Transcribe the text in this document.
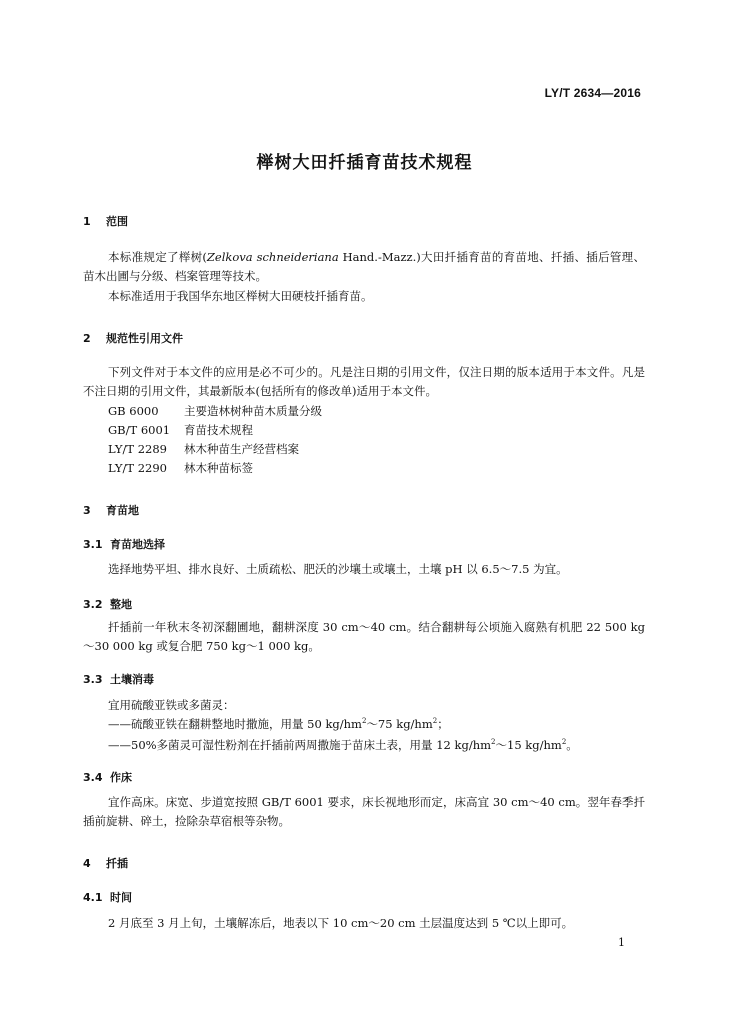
LY/T 2634—2016
榉树大田扦插育苗技术规程
1 范围
本标准规定了榉树(Zelkova schneideriana Hand.-Mazz.)大田扦插育苗的育苗地、扦插、插后管理、苗木出圃与分级、档案管理等技术。
本标准适用于我国华东地区榉树大田硬枝扦插育苗。
2 规范性引用文件
下列文件对于本文件的应用是必不可少的。凡是注日期的引用文件，仅注日期的版本适用于本文件。凡是不注日期的引用文件，其最新版本(包括所有的修改单)适用于本文件。
GB 6000 主要造林树种苗木质量分级
GB/T 6001 育苗技术规程
LY/T 2289 林木种苗生产经营档案
LY/T 2290 林木种苗标签
3 育苗地
3.1 育苗地选择
选择地势平坦、排水良好、土质疏松、肥沃的沙壤土或壤土，土壤 pH 以 6.5～7.5 为宜。
3.2 整地
扦插前一年秋末冬初深翻圃地，翻耕深度 30 cm～40 cm。结合翻耕每公顷施入腐熟有机肥 22 500 kg～30 000 kg 或复合肥 750 kg～1 000 kg。
3.3 土壤消毒
宜用硫酸亚铁或多菌灵：
——硫酸亚铁在翻耕整地时撒施，用量 50 $kg/hm^2\sim 75$ $kg/hm^2$；
——50%多菌灵可湿性粉剂在扦插前两周撒施于苗床土表，用量 12 $kg/hm^2\sim 15$ $kg/hm^2$。
3.4 作床
宜作高床。床宽、步道宽按照 GB/T 6001 要求，床长视地形而定，床高宜 30 cm～40 cm。翌年春季扦插前旋耕、碎土，捡除杂草宿根等杂物。
4 扦插
4.1 时间
2 月底至 3 月上旬，土壤解冻后，地表以下 10 cm～20 cm 土层温度达到 5 ℃以上即可。
1
